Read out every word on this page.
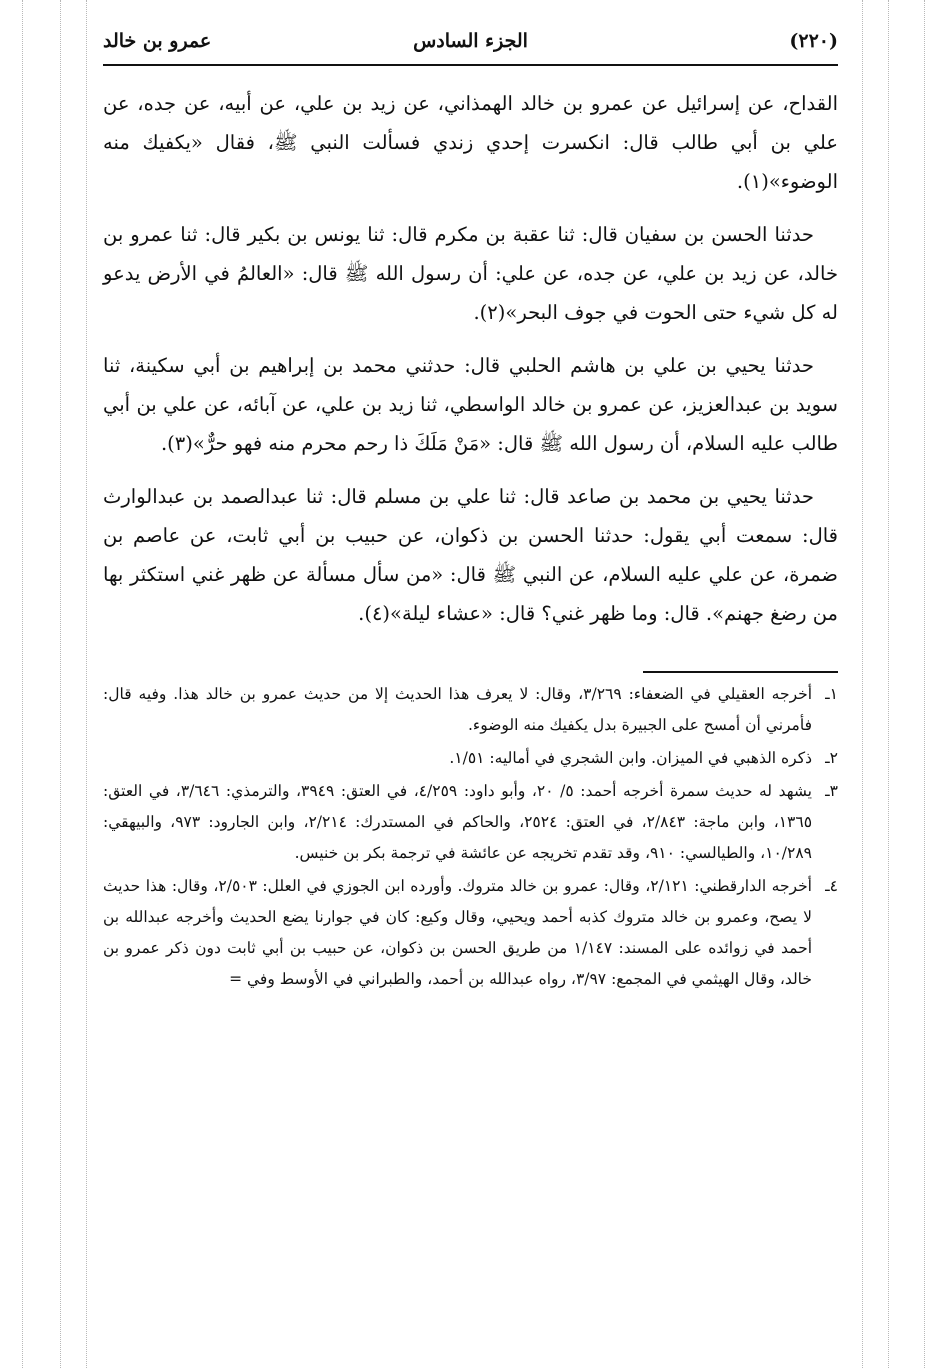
(٢٢٠)
الجزء السادس
عمرو بن خالد

القداح، عن إسرائيل عن عمرو بن خالد الهمذاني، عن زيد بن علي، عن أبيه، عن جده، عن علي بن أبي طالب قال: انكسرت إحدي زندي فسألت النبي ﷺ، فقال «يكفيك منه الوضوء»(١).

حدثنا الحسن بن سفيان قال: ثنا عقبة بن مكرم قال: ثنا يونس بن بكير قال: ثنا عمرو بن خالد، عن زيد بن علي، عن جده، عن علي: أن رسول الله ﷺ قال: «العالمُ في الأرض يدعو له كل شيء حتى الحوت في جوف البحر»(٢).

حدثنا يحيي بن علي بن هاشم الحلبي قال: حدثني محمد بن إبراهيم بن أبي سكينة، ثنا سويد بن عبدالعزيز، عن عمرو بن خالد الواسطي، ثنا زيد بن علي، عن آبائه، عن علي بن أبي طالب عليه السلام، أن رسول الله ﷺ قال: «مَنْ مَلَكَ ذا رحم محرم منه فهو حرٌّ»(٣).

حدثنا يحيي بن محمد بن صاعد قال: ثنا علي بن مسلم قال: ثنا عبدالصمد بن عبدالوارث قال: سمعت أبي يقول: حدثنا الحسن بن ذكوان، عن حبيب بن أبي ثابت، عن عاصم بن ضمرة، عن علي عليه السلام، عن النبي ﷺ قال: «من سأل مسألة عن ظهر غني استكثر بها من رضغ جهنم». قال: وما ظهر غني؟ قال: «عشاء ليلة»(٤).

١ـ
أخرجه العقيلي في الضعفاء: ٣/٢٦٩، وقال: لا يعرف هذا الحديث إلا من حديث عمرو بن خالد هذا. وفيه قال: فأمرني أن أمسح على الجبيرة بدل يكفيك منه الوضوء.
٢ـ
ذكره الذهبي في الميزان. وابن الشجري في أماليه: ١/٥١.
٣ـ
يشهد له حديث سمرة أخرجه أحمد: ٥/ ٢٠، وأبو داود: ٤/٢٥٩، في العتق: ٣٩٤٩، والترمذي: ٣/٦٤٦، في العتق: ١٣٦٥، وابن ماجة: ٢/٨٤٣، في العتق: ٢٥٢٤، والحاكم في المستدرك: ٢/٢١٤، وابن الجارود: ٩٧٣، والبيهقي: ١٠/٢٨٩، والطيالسي: ٩١٠، وقد تقدم تخريجه عن عائشة في ترجمة بكر بن خنيس.
٤ـ
أخرجه الدارقطني: ٢/١٢١، وقال: عمرو بن خالد متروك. وأورده ابن الجوزي في العلل: ٢/٥٠٣، وقال: هذا حديث لا يصح، وعمرو بن خالد متروك كذبه أحمد ويحيي، وقال وكيع: كان في جوارنا يضع الحديث وأخرجه عبدالله بن أحمد في زوائده على المسند: ١/١٤٧ من طريق الحسن بن ذكوان، عن حبيب بن أبي ثابت دون ذكر عمرو بن خالد، وقال الهيثمي في المجمع: ٣/٩٧، رواه عبدالله بن أحمد، والطبراني في الأوسط وفي =
